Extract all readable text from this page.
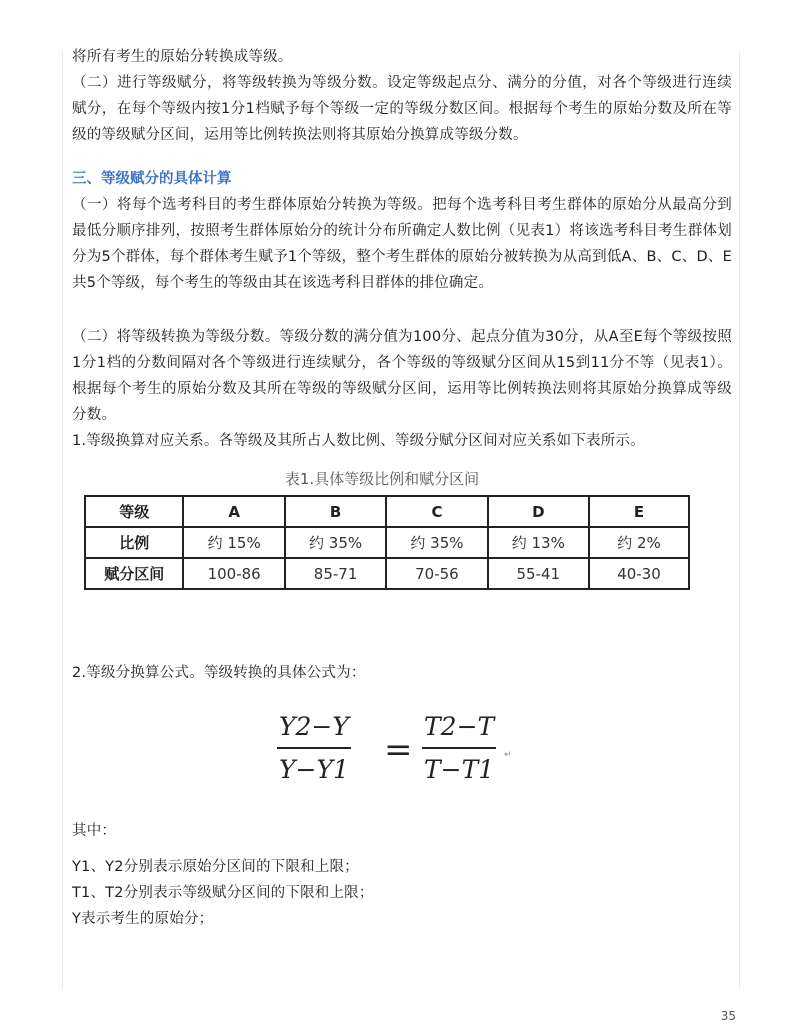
将所有考生的原始分转换成等级。

（二）进行等级赋分，将等级转换为等级分数。设定等级起点分、满分的分值，对各个等级进行连续赋分，在每个等级内按1分1档赋予每个等级一定的等级分数区间。根据每个考生的原始分数及所在等级的等级赋分区间，运用等比例转换法则将其原始分换算成等级分数。

三、等级赋分的具体计算

（一）将每个选考科目的考生群体原始分转换为等级。把每个选考科目考生群体的原始分从最高分到最低分顺序排列，按照考生群体原始分的统计分布所确定人数比例（见表1）将该选考科目考生群体划分为5个群体，每个群体考生赋予1个等级，整个考生群体的原始分被转换为从高到低A、B、C、D、E共5个等级，每个考生的等级由其在该选考科目群体的排位确定。

（二）将等级转换为等级分数。等级分数的满分值为100分、起点分值为30分，从A至E每个等级按照1分1档的分数间隔对各个等级进行连续赋分，各个等级的等级赋分区间从15到11分不等（见表1）。根据每个考生的原始分数及其所在等级的等级赋分区间，运用等比例转换法则将其原始分换算成等级分数。

1.等级换算对应关系。各等级及其所占人数比例、等级分赋分区间对应关系如下表所示。

表1.具体等级比例和赋分区间
等级	A	B	C	D	E
比例	约 15%	约 35%	约 35%	约 13%	约 2%
赋分区间	100-86	85-71	70-56	55-41	40-30

2.等级分换算公式。等级转换的具体公式为：

Y2−Y
Y−Y1 =
T2−T
T−T1 ↵

其中：

Y1、Y2分别表示原始分区间的下限和上限；

T1、T2分别表示等级赋分区间的下限和上限；

Y表示考生的原始分；

35
